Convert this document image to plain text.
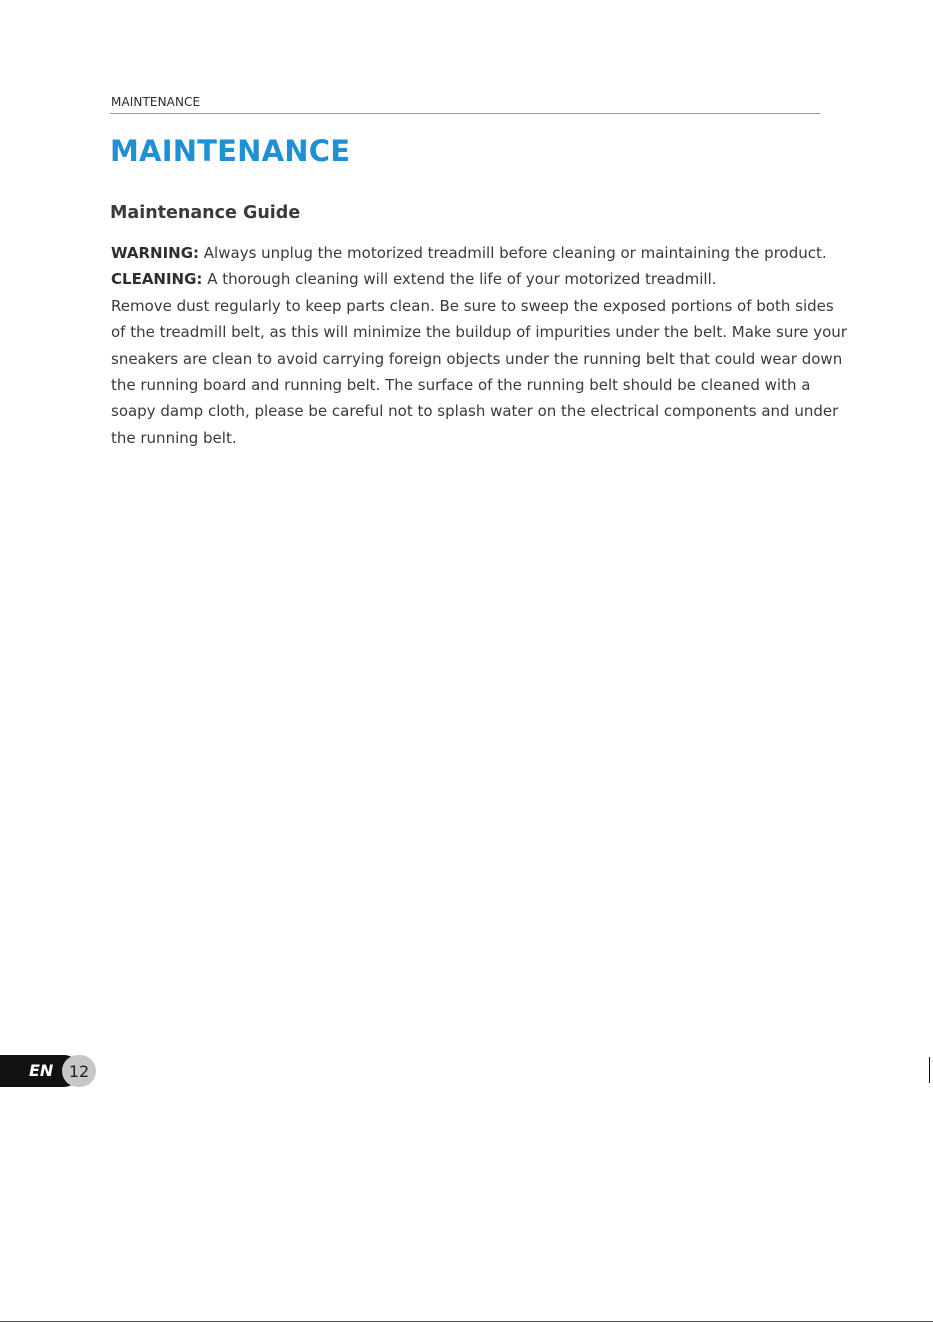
MAINTENANCE
MAINTENANCE
Maintenance Guide

WARNING: Always unplug the motorized treadmill before cleaning or maintaining the product.

CLEANING: A thorough cleaning will extend the life of your motorized treadmill.

Remove dust regularly to keep parts clean. Be sure to sweep the exposed portions of both sides of the treadmill belt, as this will minimize the buildup of impurities under the belt. Make sure your sneakers are clean to avoid carrying foreign objects under the running belt that could wear down the running board and running belt. The surface of the running belt should be cleaned with a soapy damp cloth, please be careful not to splash water on the electrical components and under the running belt.

EN 12
